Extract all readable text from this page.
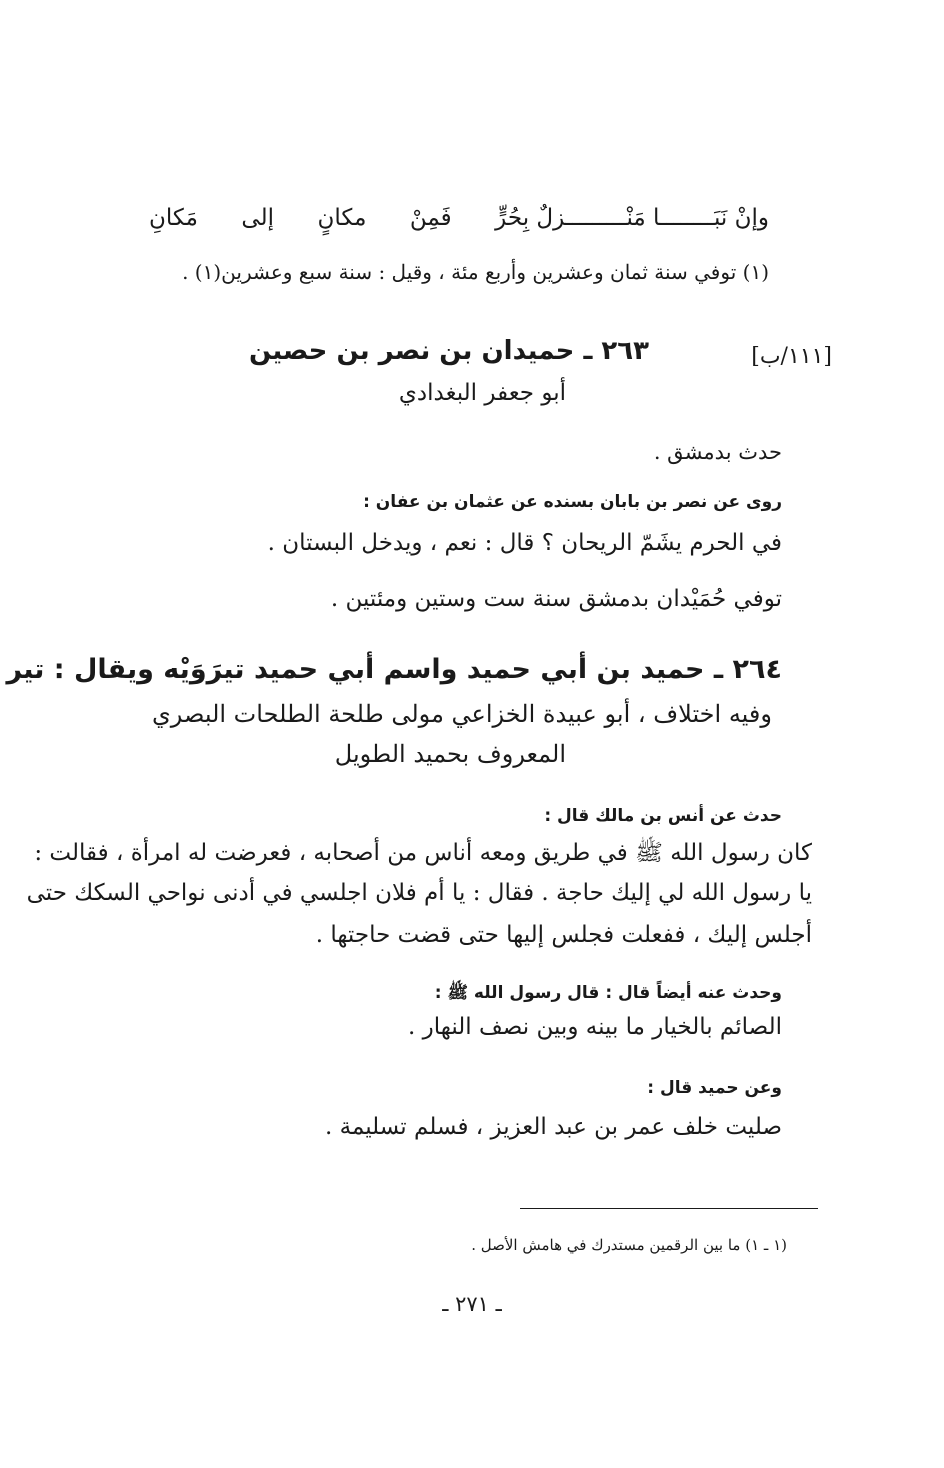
وإنْ نَبَــــــــا مَنْـــــــــزلٌ بِحُرٍّ
فَمِنْ
مكانٍ
إلى
مَكانِ
(١) توفي سنة ثمان وعشرين وأربع مئة ، وقيل : سنة سبع وعشرين(١) .
[١١١/ب]
٢٦٣ ـ حميدان بن نصر بن حصين
أبو جعفر البغدادي
حدث بدمشق .
روى عن نصر بن بابان بسنده عن عثمان بن عفان :
في الحرم يشَمّ الريحان ؟ قال : نعم ، ويدخل البستان .
توفي حُمَيْدان بدمشق سنة ست وستين ومئتين .
٢٦٤ ـ حميد بن أبي حميد واسم أبي حميد تيرَوَيْه ويقال : تير
وفيه اختلاف ، أبو عبيدة الخزاعي مولى طلحة الطلحات البصري
المعروف بحميد الطويل
حدث عن أنس بن مالك قال :
كان رسول الله ﷺ في طريق ومعه أناس من أصحابه ، فعرضت له امرأة ، فقالت :
يا رسول الله لي إليك حاجة . فقال : يا أم فلان اجلسي في أدنى نواحي السكك حتى
أجلس إليك ، ففعلت فجلس إليها حتى قضت حاجتها .
وحدث عنه أيضاً قال : قال رسول الله ﷺ :
الصائم بالخيار ما بينه وبين نصف النهار .
وعن حميد قال :
صليت خلف عمر بن عبد العزيز ، فسلم تسليمة .
(١ ـ ١) ما بين الرقمين مستدرك في هامش الأصل .
ـ ٢٧١ ـ
